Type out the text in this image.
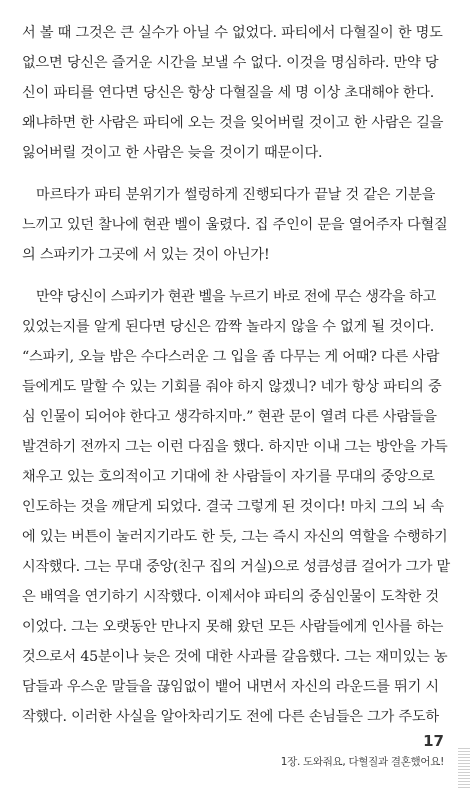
서 볼 때 그것은 큰 실수가 아닐 수 없었다. 파티에서 다혈질이 한 명도
없으면 당신은 즐거운 시간을 보낼 수 없다. 이것을 명심하라. 만약 당
신이 파티를 연다면 당신은 항상 다혈질을 세 명 이상 초대해야 한다.
왜냐하면 한 사람은 파티에 오는 것을 잊어버릴 것이고 한 사람은 길을
잃어버릴 것이고 한 사람은 늦을 것이기 때문이다.

마르타가 파티 분위기가 썰렁하게 진행되다가 끝날 것 같은 기분을
느끼고 있던 찰나에 현관 벨이 울렸다. 집 주인이 문을 열어주자 다혈질
의 스파키가 그곳에 서 있는 것이 아닌가!

만약 당신이 스파키가 현관 벨을 누르기 바로 전에 무슨 생각을 하고
있었는지를 알게 된다면 당신은 깜짝 놀라지 않을 수 없게 될 것이다.
“스파키, 오늘 밤은 수다스러운 그 입을 좀 다무는 게 어때? 다른 사람
들에게도 말할 수 있는 기회를 줘야 하지 않겠니? 네가 항상 파티의 중
심 인물이 되어야 한다고 생각하지마.” 현관 문이 열려 다른 사람들을
발견하기 전까지 그는 이런 다짐을 했다. 하지만 이내 그는 방안을 가득
채우고 있는 호의적이고 기대에 찬 사람들이 자기를 무대의 중앙으로
인도하는 것을 깨닫게 되었다. 결국 그렇게 된 것이다! 마치 그의 뇌 속
에 있는 버튼이 눌러지기라도 한 듯, 그는 즉시 자신의 역할을 수행하기
시작했다. 그는 무대 중앙(친구 집의 거실)으로 성큼성큼 걸어가 그가 맡
은 배역을 연기하기 시작했다. 이제서야 파티의 중심인물이 도착한 것
이었다. 그는 오랫동안 만나지 못해 왔던 모든 사람들에게 인사를 하는
것으로서 45분이나 늦은 것에 대한 사과를 갈음했다. 그는 재미있는 농
담들과 우스운 말들을 끊임없이 뱉어 내면서 자신의 라운드를 뛰기 시
작했다. 이러한 사실을 알아차리기도 전에 다른 손님들은 그가 주도하

17
1장. 도와줘요, 다혈질과 결혼했어요!
